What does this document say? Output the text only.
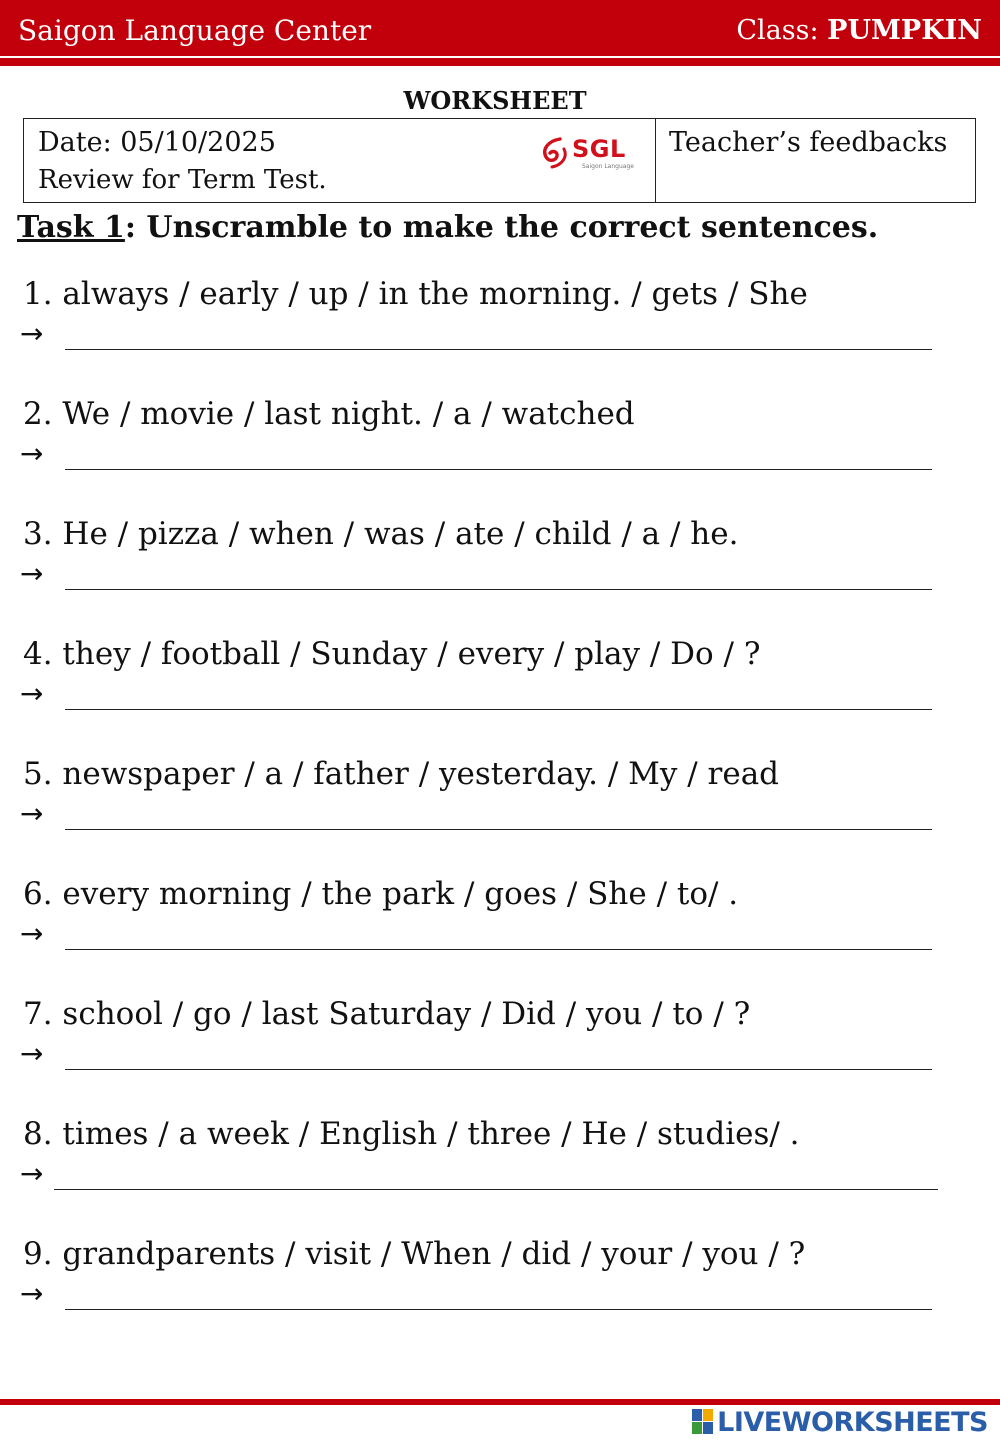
Saigon Language Center	Class: PUMPKIN
WORKSHEET
Date: 05/10/2025
Review for Term Test.
SGL
Saigon Language
Teacher’s feedbacks
Task 1: Unscramble to make the correct sentences.
1. always / early / up / in the morning. / gets / She
→
2. We / movie / last night. / a / watched
→
3. He / pizza / when / was / ate / child / a / he.
→
4. they / football / Sunday / every / play / Do / ?
→
5. newspaper / a / father / yesterday. / My / read
→
6. every morning / the park / goes / She / to/ .
→
7. school / go / last Saturday / Did / you / to / ?
→
8. times / a week / English / three / He / studies/ .
→
9. grandparents / visit / When / did / your / you / ?
→
LIVEWORKSHEETS
